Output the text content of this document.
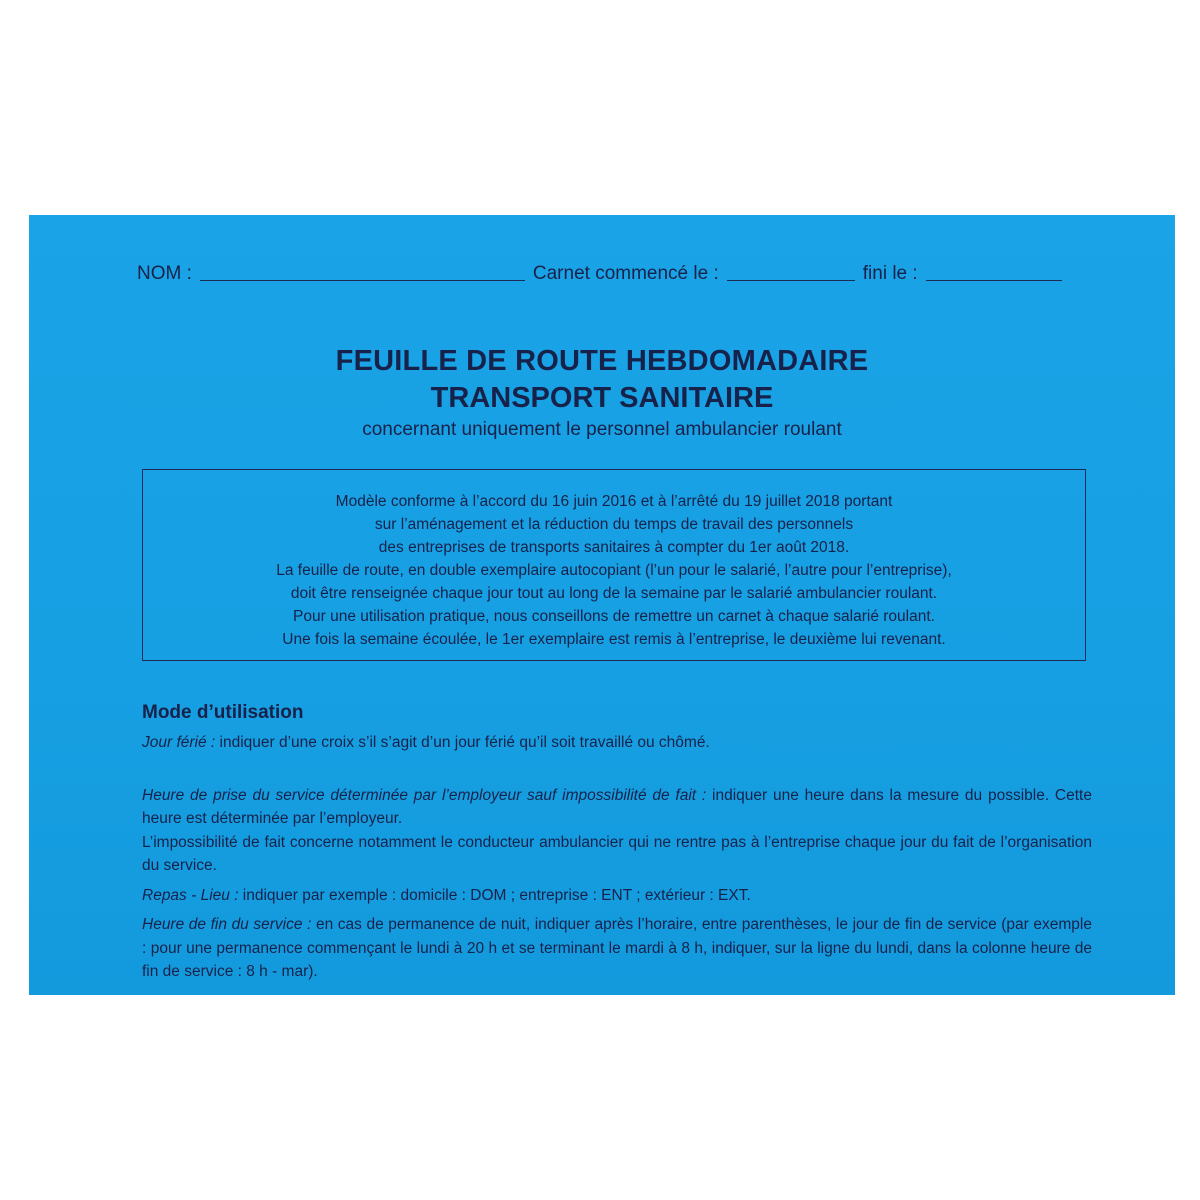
NOM :	Carnet commencé le :	fini le :
FEUILLE DE ROUTE HEBDOMADAIRE
TRANSPORT SANITAIRE
concernant uniquement le personnel ambulancier roulant
Modèle conforme à l’accord du 16 juin 2016 et à l’arrêté du 19 juillet 2018 portant
sur l’aménagement et la réduction du temps de travail des personnels
des entreprises de transports sanitaires à compter du 1er août 2018.
La feuille de route, en double exemplaire autocopiant (l’un pour le salarié, l’autre pour l’entreprise),
doit être renseignée chaque jour tout au long de la semaine par le salarié ambulancier roulant.
Pour une utilisation pratique, nous conseillons de remettre un carnet à chaque salarié roulant.
Une fois la semaine écoulée, le 1er exemplaire est remis à l’entreprise, le deuxième lui revenant.
Mode d’utilisation
Jour férié : indiquer d’une croix s’il s’agit d’un jour férié qu’il soit travaillé ou chômé.

Heure de prise du service déterminée par l’employeur sauf impossibilité de fait : indiquer une heure dans la mesure du possible. Cette heure est déterminée par l’employeur.
L’impossibilité de fait concerne notamment le conducteur ambulancier qui ne rentre pas à l’entreprise chaque jour du fait de l’organisation du service.

Repas - Lieu : indiquer par exemple : domicile : DOM ; entreprise : ENT ; extérieur : EXT.
Heure de fin du service : en cas de permanence de nuit, indiquer après l’horaire, entre parenthèses, le jour de fin de service (par exemple : pour une permanence commençant le lundi à 20 h et se terminant le mardi à 8 h, indiquer, sur la ligne du lundi, dans la colonne heure de fin de service : 8 h - mar).
